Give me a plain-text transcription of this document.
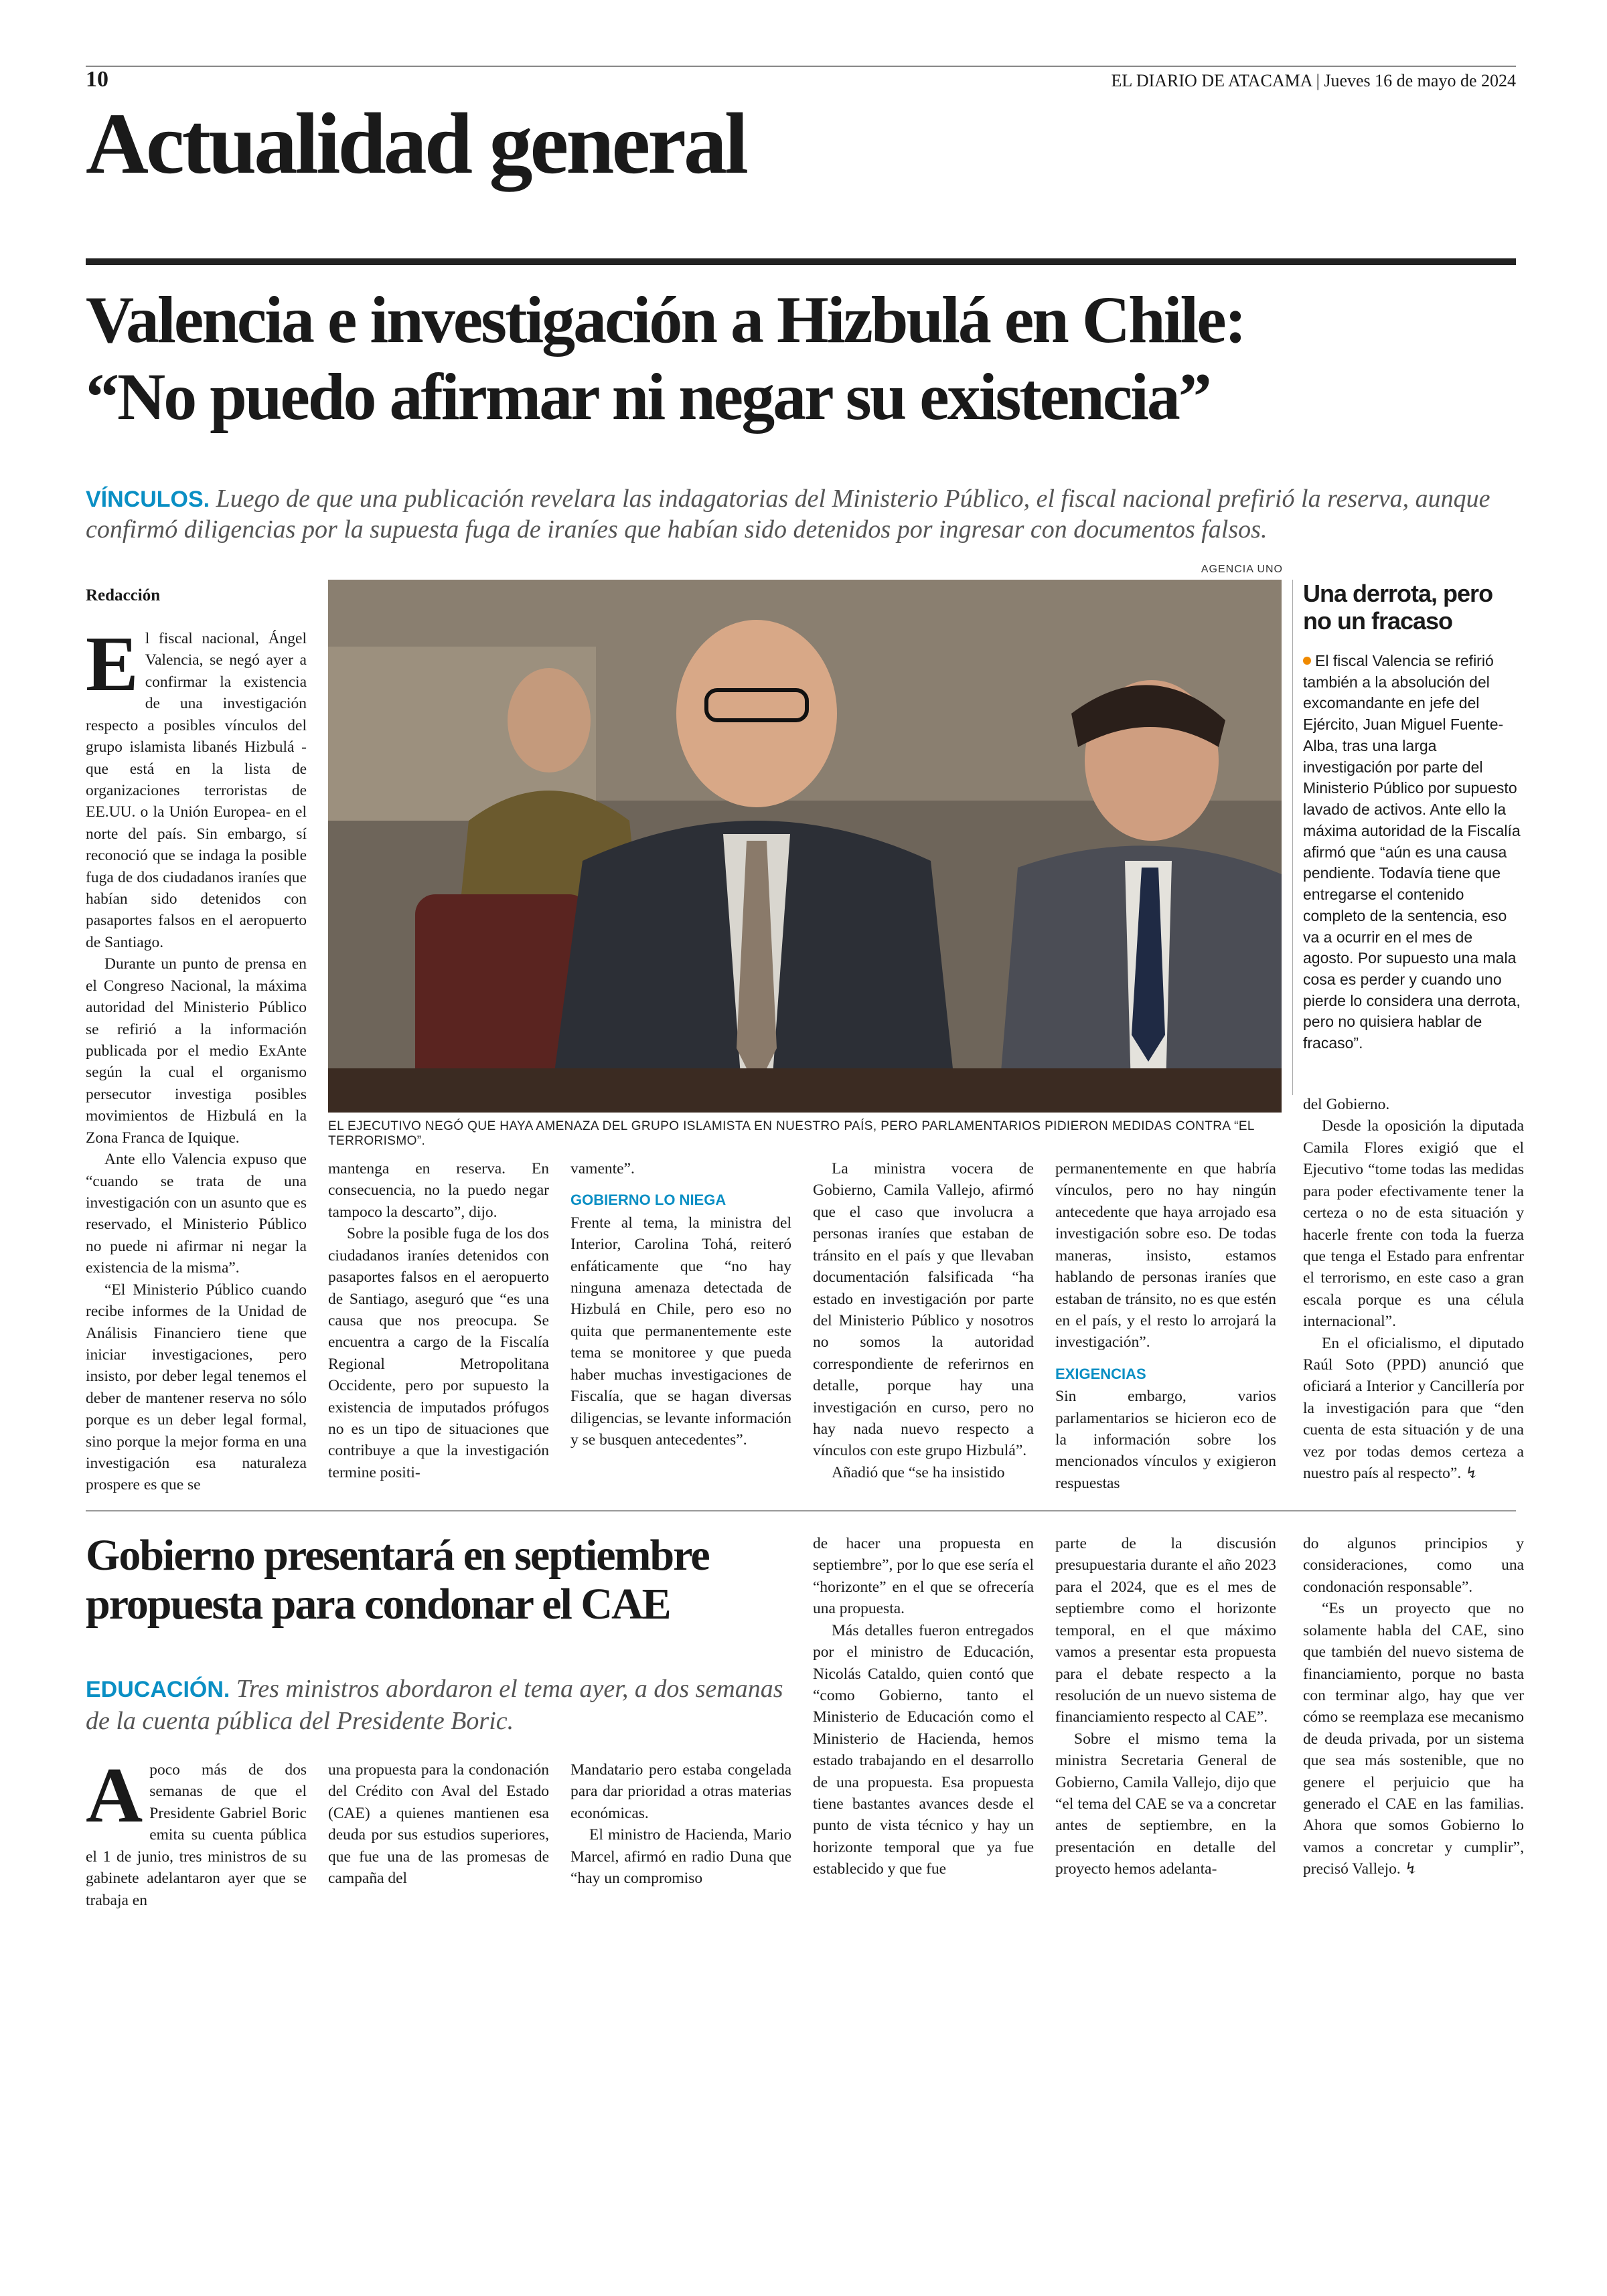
10	EL DIARIO DE ATACAMA | Jueves 16 de mayo de 2024
Actualidad general
Valencia e investigación a Hizbulá en Chile:
“No puedo afirmar ni negar su existencia”
VÍNCULOS. Luego de que una publicación revelara las indagatorias del Ministerio Público, el fiscal nacional prefirió la reserva, aunque confirmó diligencias por la supuesta fuga de iraníes que habían sido detenidos por ingresar con documentos falsos.
Redacción

El fiscal nacional, Ángel Valencia, se negó ayer a confirmar la existencia de una investigación respecto a posibles vínculos del grupo islamista libanés Hizbulá -que está en la lista de organizaciones terroristas de EE.UU. o la Unión Europea- en el norte del país. Sin embargo, sí reconoció que se indaga la posible fuga de dos ciudadanos iraníes que habían sido detenidos con pasaportes falsos en el aeropuerto de Santiago.

Durante un punto de prensa en el Congreso Nacional, la máxima autoridad del Ministerio Público se refirió a la información publicada por el medio ExAnte según la cual el organismo persecutor investiga posibles movimientos de Hizbulá en la Zona Franca de Iquique.

Ante ello Valencia expuso que “cuando se trata de una investigación con un asunto que es reservado, el Ministerio Público no puede ni afirmar ni negar la existencia de la misma”.

“El Ministerio Público cuando recibe informes de la Unidad de Análisis Financiero tiene que iniciar investigaciones, pero insisto, por deber legal tenemos el deber de mantener reserva no sólo porque es un deber legal formal, sino porque la mejor forma en una investigación esa naturaleza prospere es que se

AGENCIA UNO
EL EJECUTIVO NEGÓ QUE HAYA AMENAZA DEL GRUPO ISLAMISTA EN NUESTRO PAÍS, PERO PARLAMENTARIOS PIDIERON MEDIDAS CONTRA “EL TERRORISMO”.
Una derrota, pero no un fracaso
El fiscal Valencia se refirió también a la absolución del excomandante en jefe del Ejército, Juan Miguel Fuente-Alba, tras una larga investigación por parte del Ministerio Público por supuesto lavado de activos. Ante ello la máxima autoridad de la Fiscalía afirmó que “aún es una causa pendiente. Todavía tiene que entregarse el contenido completo de la sentencia, eso va a ocurrir en el mes de agosto. Por supuesto una mala cosa es perder y cuando uno pierde lo considera una derrota, pero no quisiera hablar de fracaso”.

mantenga en reserva. En consecuencia, no la puedo negar tampoco la descarto”, dijo.

Sobre la posible fuga de los dos ciudadanos iraníes detenidos con pasaportes falsos en el aeropuerto de Santiago, aseguró que “es una causa que nos preocupa. Se encuentra a cargo de la Fiscalía Regional Metropolitana Occidente, pero por supuesto la existencia de imputados prófugos no es un tipo de situaciones que contribuye a que la investigación termine positi-

vamente”.

GOBIERNO LO NIEGA

Frente al tema, la ministra del Interior, Carolina Tohá, reiteró enfáticamente que “no hay ninguna amenaza detectada de Hizbulá en Chile, pero eso no quita que permanentemente este tema se monitoree y que pueda haber muchas investigaciones de Fiscalía, que se hagan diversas diligencias, se levante información y se busquen antecedentes”.

La ministra vocera de Gobierno, Camila Vallejo, afirmó que el caso que involucra a personas iraníes que estaban de tránsito en el país y que llevaban documentación falsificada “ha estado en investigación por parte del Ministerio Público y nosotros no somos la autoridad correspondiente de referirnos en detalle, porque hay una investigación en curso, pero no hay nada nuevo respecto a vínculos con este grupo Hizbulá”.

Añadió que “se ha insistido

permanentemente en que habría vínculos, pero no hay ningún antecedente que haya arrojado esa investigación sobre eso. De todas maneras, insisto, estamos hablando de personas iraníes que estaban de tránsito, no es que estén en el país, y el resto lo arrojará la investigación”.

EXIGENCIAS

Sin embargo, varios parlamentarios se hicieron eco de la información sobre los mencionados vínculos y exigieron respuestas

del Gobierno.

Desde la oposición la diputada Camila Flores exigió que el Ejecutivo “tome todas las medidas para poder efectivamente tener la certeza o no de esta situación y hacerle frente con toda la fuerza que tenga el Estado para enfrentar el terrorismo, en este caso a gran escala porque es una célula internacional”.

En el oficialismo, el diputado Raúl Soto (PPD) anunció que oficiará a Interior y Cancillería por la investigación para que “den cuenta de esta situación y de una vez por todas demos certeza a nuestro país al respecto”. ↯

Gobierno presentará en septiembre
propuesta para condonar el CAE
EDUCACIÓN. Tres ministros abordaron el tema ayer, a dos semanas de la cuenta pública del Presidente Boric.

Apoco más de dos semanas de que el Presidente Gabriel Boric emita su cuenta pública el 1 de junio, tres ministros de su gabinete adelantaron ayer que se trabaja en

una propuesta para la condonación del Crédito con Aval del Estado (CAE) a quienes mantienen esa deuda por sus estudios superiores, que fue una de las promesas de campaña del

Mandatario pero estaba congelada para dar prioridad a otras materias económicas.

El ministro de Hacienda, Mario Marcel, afirmó en radio Duna que “hay un compromiso

de hacer una propuesta en septiembre”, por lo que ese sería el “horizonte” en el que se ofrecería una propuesta.

Más detalles fueron entregados por el ministro de Educación, Nicolás Cataldo, quien contó que “como Gobierno, tanto el Ministerio de Educación como el Ministerio de Hacienda, hemos estado trabajando en el desarrollo de una propuesta. Esa propuesta tiene bastantes avances desde el punto de vista técnico y hay un horizonte temporal que ya fue establecido y que fue

parte de la discusión presupuestaria durante el año 2023 para el 2024, que es el mes de septiembre como el horizonte temporal, en el que máximo vamos a presentar esta propuesta para el debate respecto a la resolución de un nuevo sistema de financiamiento respecto al CAE”.

Sobre el mismo tema la ministra Secretaria General de Gobierno, Camila Vallejo, dijo que “el tema del CAE se va a concretar antes de septiembre, en la presentación en detalle del proyecto hemos adelanta-

do algunos principios y consideraciones, como una condonación responsable”.

“Es un proyecto que no solamente habla del CAE, sino que también del nuevo sistema de financiamiento, porque no basta con terminar algo, hay que ver cómo se reemplaza ese mecanismo de deuda privada, por un sistema que sea más sostenible, que no genere el perjuicio que ha generado el CAE en las familias. Ahora que somos Gobierno lo vamos a concretar y cumplir”, precisó Vallejo. ↯
